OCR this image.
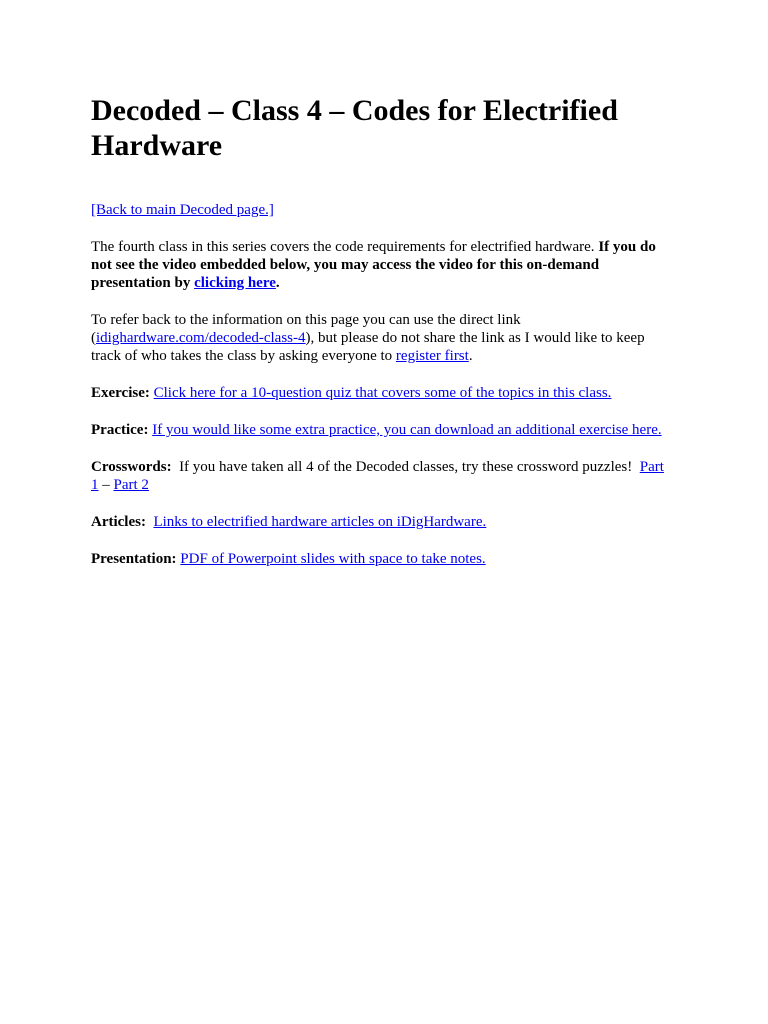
Decoded – Class 4 – Codes for Electrified Hardware

[Back to main Decoded page.]

The fourth class in this series covers the code requirements for electrified hardware. If you do not see the video embedded below, you may access the video for this on-demand presentation by clicking here.

To refer back to the information on this page you can use the direct link (idighardware.com/decoded-class-4), but please do not share the link as I would like to keep track of who takes the class by asking everyone to register first.

Exercise: Click here for a 10-question quiz that covers some of the topics in this class.

Practice: If you would like some extra practice, you can download an additional exercise here.

Crosswords:  If you have taken all 4 of the Decoded classes, try these crossword puzzles!  Part 1 – Part 2

Articles: Links to electrified hardware articles on iDigHardware.

Presentation: PDF of Powerpoint slides with space to take notes.
